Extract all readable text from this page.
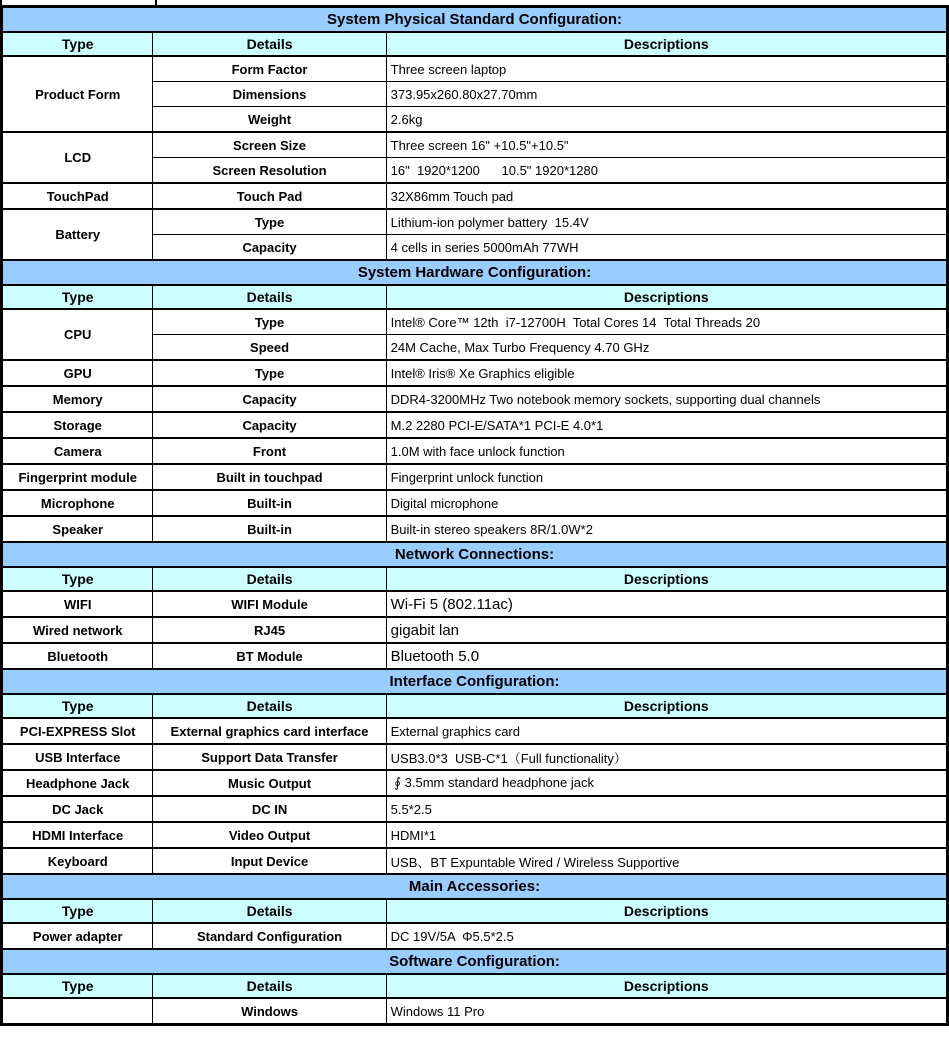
System Physical Standard Configuration:		
Type	Details	Descriptions
Product Form	Form Factor	Three screen laptop
	Dimensions	373.95x260.80x27.70mm
	Weight	2.6kg
LCD	Screen Size	Three screen 16" +10.5"+10.5"
	Screen Resolution	16"  1920*1200      10.5" 1920*1280
TouchPad	Touch Pad	32X86mm Touch pad
Battery	Type	Lithium-ion polymer battery  15.4V
	Capacity	4 cells in series 5000mAh 77WH
System Hardware Configuration:		
Type	Details	Descriptions
CPU	Type	Intel® Core™ 12th  i7-12700H  Total Cores 14  Total Threads 20
	Speed	24M Cache, Max Turbo Frequency 4.70 GHz
GPU	Type	Intel® Iris® Xe Graphics eligible
Memory	Capacity	DDR4-3200MHz Two notebook memory sockets, supporting dual channels
Storage	Capacity	M.2 2280 PCI-E/SATA*1 PCI-E 4.0*1
Camera	Front	1.0M with face unlock function
Fingerprint module	Built in touchpad	Fingerprint unlock function
Microphone	Built-in	Digital microphone
Speaker	Built-in	Built-in stereo speakers 8R/1.0W*2
Network Connections:		
Type	Details	Descriptions
WIFI	WIFI Module	Wi-Fi 5 (802.11ac)
Wired network	RJ45	gigabit lan
Bluetooth	BT Module	Bluetooth 5.0
Interface Configuration:		
Type	Details	Descriptions
PCI-EXPRESS Slot	External graphics card interface	External graphics card
USB Interface	Support Data Transfer	USB3.0*3  USB-C*1（Full functionality）
Headphone Jack	Music Output	∮ 3.5mm standard headphone jack
DC Jack	DC IN	5.5*2.5
HDMI Interface	Video Output	HDMI*1
Keyboard	Input Device	USB、BT Expuntable Wired / Wireless Supportive
Main Accessories:		
Type	Details	Descriptions
Power adapter	Standard Configuration	DC 19V/5A  Φ5.5*2.5
Software Configuration:		
Type	Details	Descriptions
	Windows	Windows 11 Pro
